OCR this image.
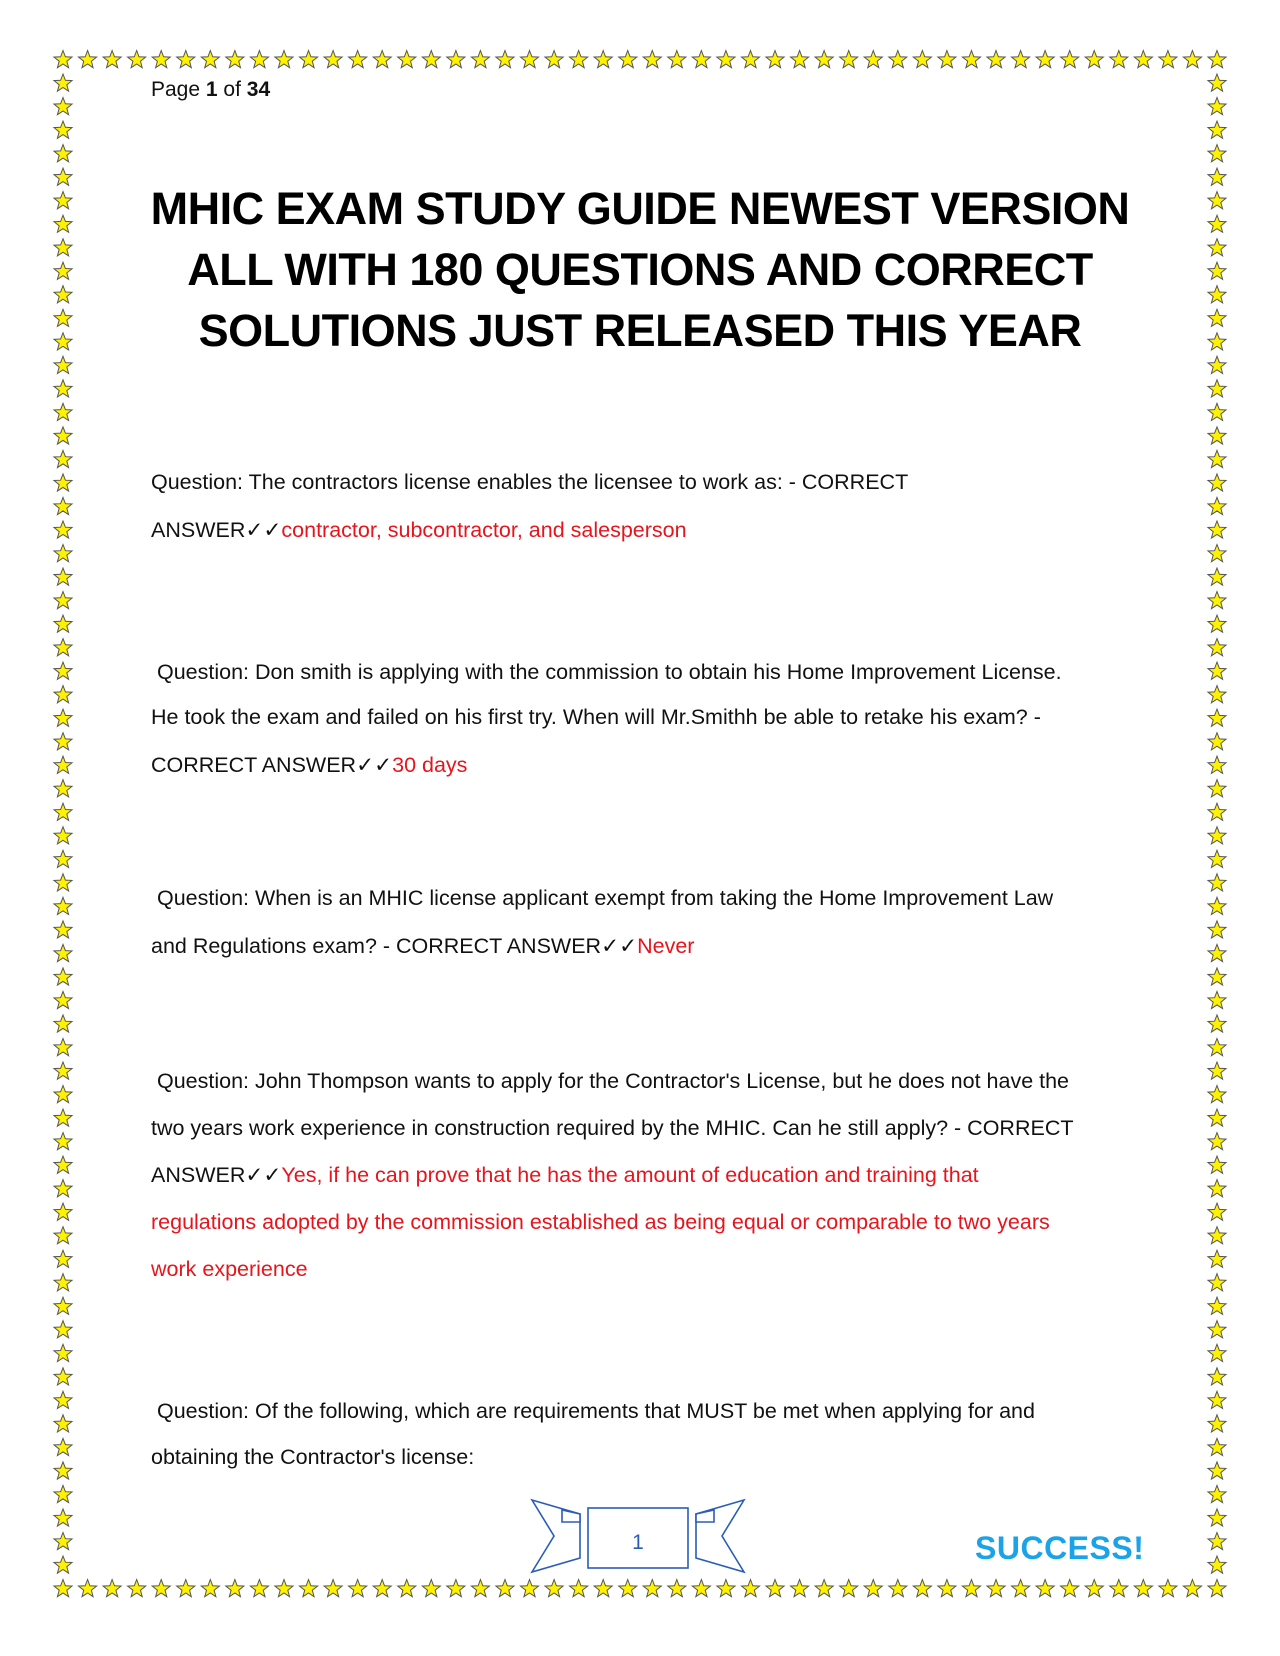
Page 1 of 34
MHIC EXAM STUDY GUIDE NEWEST VERSION
ALL WITH 180 QUESTIONS AND CORRECT
SOLUTIONS JUST RELEASED THIS YEAR

Question: The contractors license enables the licensee to work as: - CORRECT

ANSWER✓✓contractor, subcontractor, and salesperson

Question: Don smith is applying with the commission to obtain his Home Improvement License.

He took the exam and failed on his first try. When will Mr.Smithh be able to retake his exam? -

CORRECT ANSWER✓✓30 days

Question: When is an MHIC license applicant exempt from taking the Home Improvement Law

and Regulations exam? - CORRECT ANSWER✓✓Never

Question: John Thompson wants to apply for the Contractor's License, but he does not have the

two years work experience in construction required by the MHIC. Can he still apply? - CORRECT

ANSWER✓✓Yes, if he can prove that he has the amount of education and training that

regulations adopted by the commission established as being equal or comparable to two years

work experience

Question: Of the following, which are requirements that MUST be met when applying for and

obtaining the Contractor's license:

1	SUCCESS!
